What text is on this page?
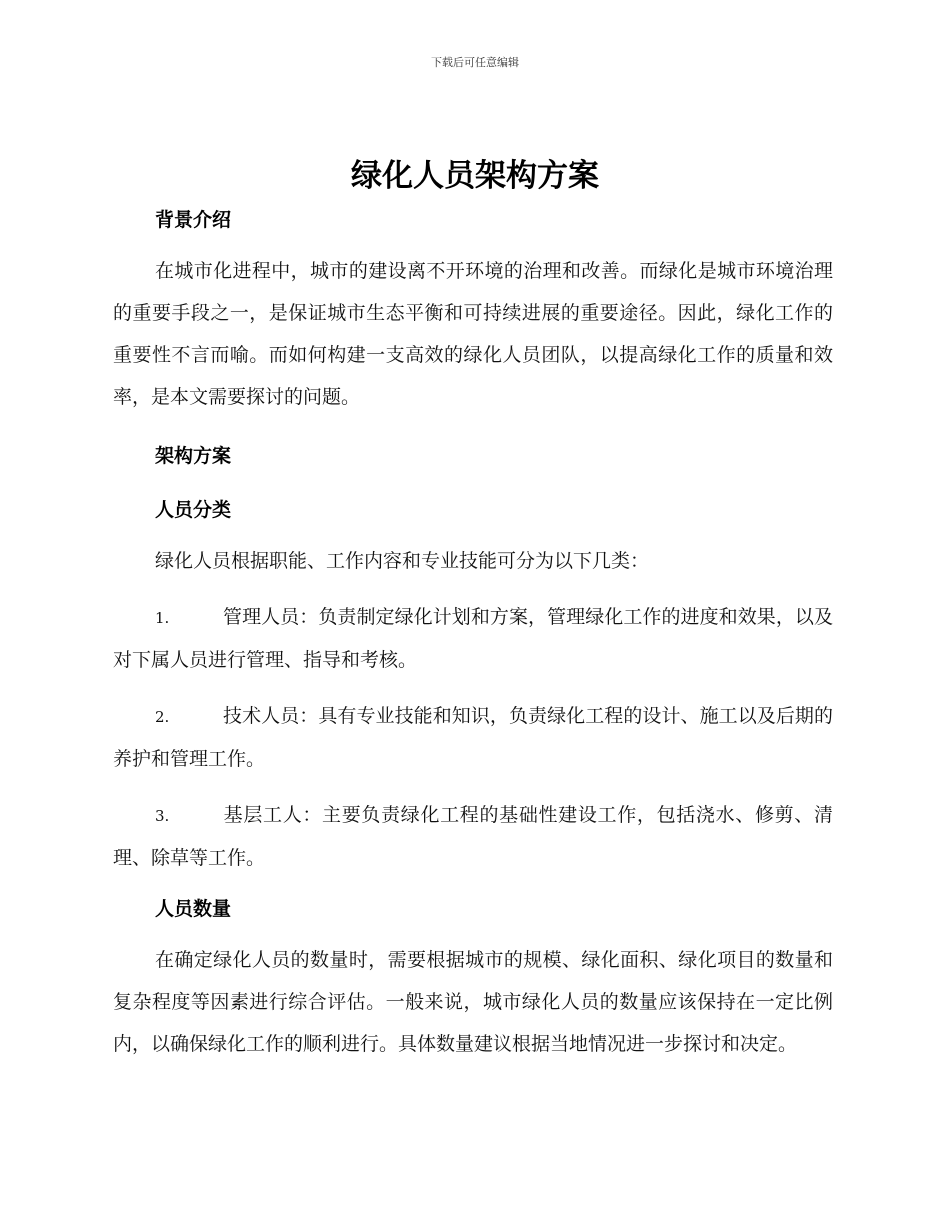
下载后可任意编辑
绿化人员架构方案

背景介绍

在城市化进程中，城市的建设离不开环境的治理和改善。而绿化是城市环境治理的重要手段之一，是保证城市生态平衡和可持续进展的重要途径。因此，绿化工作的重要性不言而喻。而如何构建一支高效的绿化人员团队，以提高绿化工作的质量和效率，是本文需要探讨的问题。

架构方案

人员分类

绿化人员根据职能、工作内容和专业技能可分为以下几类：

1.	管理人员：负责制定绿化计划和方案，管理绿化工作的进度和效果，以及对下属人员进行管理、指导和考核。

2.	技术人员：具有专业技能和知识，负责绿化工程的设计、施工以及后期的养护和管理工作。

3.	基层工人：主要负责绿化工程的基础性建设工作，包括浇水、修剪、清理、除草等工作。

人员数量

在确定绿化人员的数量时，需要根据城市的规模、绿化面积、绿化项目的数量和复杂程度等因素进行综合评估。一般来说，城市绿化人员的数量应该保持在一定比例内，以确保绿化工作的顺利进行。具体数量建议根据当地情况进一步探讨和决定。
